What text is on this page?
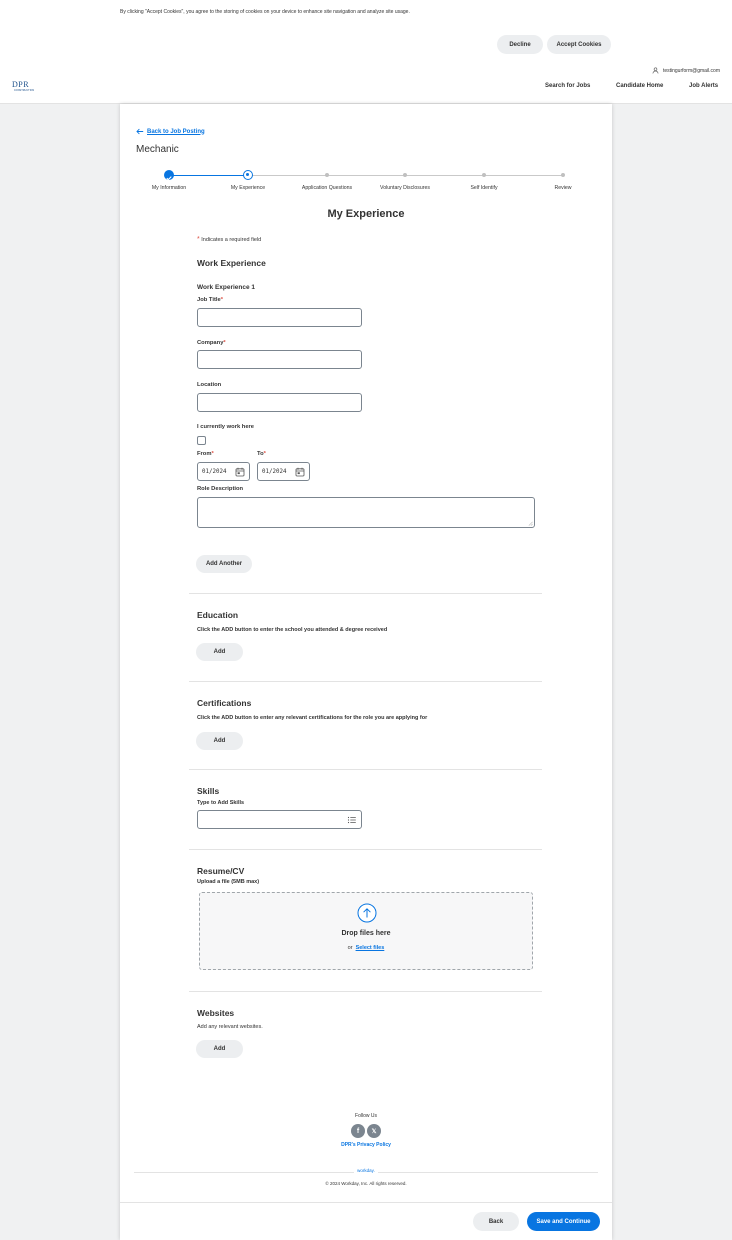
By clicking "Accept Cookies", you agree to the storing of cookies on your device to enhance site navigation and analyze site usage.
Decline	Accept Cookies
DPR
CONSTRUCTION
testingurform@gmail.com
Search for Jobs	Candidate Home	Job Alerts
Back to Job Posting
Mechanic
My Information	My Experience	Application Questions	Voluntary Disclosures	Self Identify	Review
My Experience
* Indicates a required field
Work Experience
Work Experience 1
Job Title*
Company*
Location
I currently work here
From*	To*
01/2024	01/2024
Role Description
Add Another
Education
Click the ADD button to enter the school you attended & degree received
Add
Certifications
Click the ADD button to enter any relevant certifications for the role you are applying for
Add
Skills
Type to Add Skills
Resume/CV
Upload a file (5MB max)
Drop files here
or Select files
Websites
Add any relevant websites.
Add
Follow Us
f	𝕏
DPR's Privacy Policy
workday.
© 2024 Workday, Inc. All rights reserved.
Back	Save and Continue
